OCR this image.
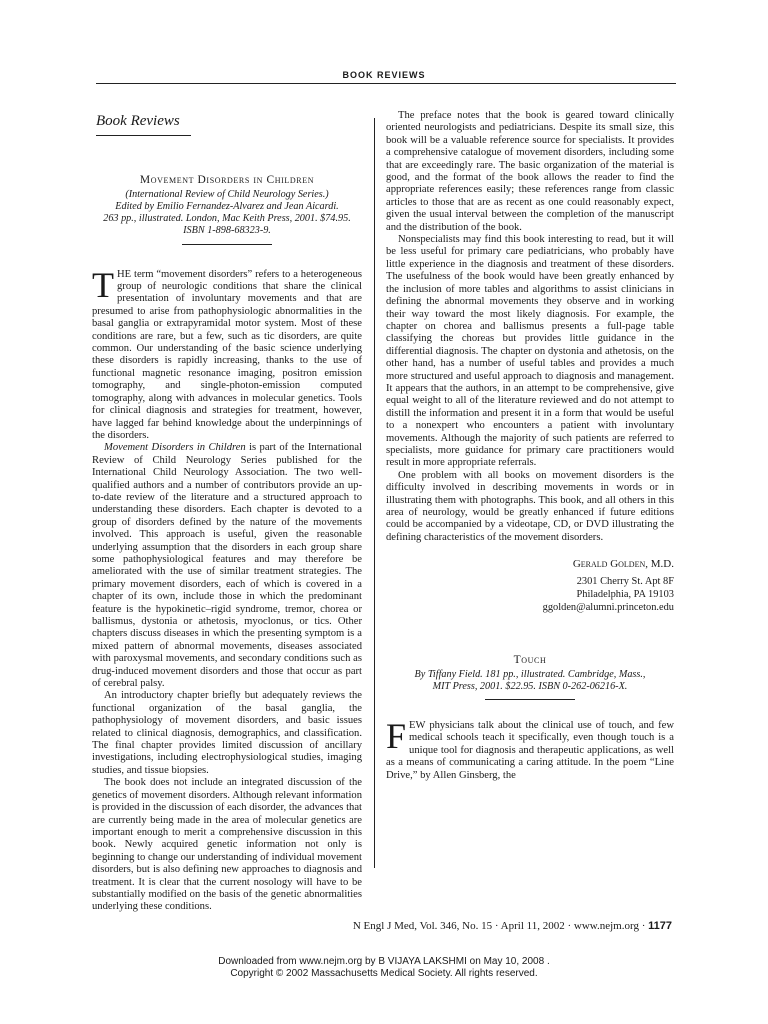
BOOK REVIEWS
Book Reviews
Movement Disorders in Children
(International Review of Child Neurology Series.)
Edited by Emilio Fernandez-Alvarez and Jean Aicardi.
263 pp., illustrated. London, Mac Keith Press, 2001. $74.95.
ISBN 1-898-68323-9.

THE term “movement disorders” refers to a heterogeneous group of neurologic conditions that share the clinical presentation of involuntary movements and that are presumed to arise from pathophysiologic abnormalities in the basal ganglia or extrapyramidal motor system. Most of these conditions are rare, but a few, such as tic disorders, are quite common. Our understanding of the basic science underlying these disorders is rapidly increasing, thanks to the use of functional magnetic resonance imaging, positron emission tomography, and single-photon-emission computed tomography, along with advances in molecular genetics. Tools for clinical diagnosis and strategies for treatment, however, have lagged far behind knowledge about the underpinnings of the disorders.

Movement Disorders in Children is part of the International Review of Child Neurology Series published for the International Child Neurology Association. The two well-qualified authors and a number of contributors provide an up-to-date review of the literature and a structured approach to understanding these disorders. Each chapter is devoted to a group of disorders defined by the nature of the movements involved. This approach is useful, given the reasonable underlying assumption that the disorders in each group share some pathophysiological features and may therefore be ameliorated with the use of similar treatment strategies. The primary movement disorders, each of which is covered in a chapter of its own, include those in which the predominant feature is the hypokinetic–rigid syndrome, tremor, chorea or ballismus, dystonia or athetosis, myoclonus, or tics. Other chapters discuss diseases in which the presenting symptom is a mixed pattern of abnormal movements, diseases associated with paroxysmal movements, and secondary conditions such as drug-induced movement disorders and those that occur as part of cerebral palsy.

An introductory chapter briefly but adequately reviews the functional organization of the basal ganglia, the pathophysiology of movement disorders, and basic issues related to clinical diagnosis, demographics, and classification. The final chapter provides limited discussion of ancillary investigations, including electrophysiological studies, imaging studies, and tissue biopsies.

The book does not include an integrated discussion of the genetics of movement disorders. Although relevant information is provided in the discussion of each disorder, the advances that are currently being made in the area of molecular genetics are important enough to merit a comprehensive discussion in this book. Newly acquired genetic information not only is beginning to change our understanding of individual movement disorders, but is also defining new approaches to diagnosis and treatment. It is clear that the current nosology will have to be substantially modified on the basis of the genetic abnormalities underlying these conditions.

The preface notes that the book is geared toward clinically oriented neurologists and pediatricians. Despite its small size, this book will be a valuable reference source for specialists. It provides a comprehensive catalogue of movement disorders, including some that are exceedingly rare. The basic organization of the material is good, and the format of the book allows the reader to find the appropriate references easily; these references range from classic articles to those that are as recent as one could reasonably expect, given the usual interval between the completion of the manuscript and the distribution of the book.

Nonspecialists may find this book interesting to read, but it will be less useful for primary care pediatricians, who probably have little experience in the diagnosis and treatment of these disorders. The usefulness of the book would have been greatly enhanced by the inclusion of more tables and algorithms to assist clinicians in defining the abnormal movements they observe and in working their way toward the most likely diagnosis. For example, the chapter on chorea and ballismus presents a full-page table classifying the choreas but provides little guidance in the differential diagnosis. The chapter on dystonia and athetosis, on the other hand, has a number of useful tables and provides a much more structured and useful approach to diagnosis and management. It appears that the authors, in an attempt to be comprehensive, give equal weight to all of the literature reviewed and do not attempt to distill the information and present it in a form that would be useful to a nonexpert who encounters a patient with involuntary movements. Although the majority of such patients are referred to specialists, more guidance for primary care practitioners would result in more appropriate referrals.

One problem with all books on movement disorders is the difficulty involved in describing movements in words or in illustrating them with photographs. This book, and all others in this area of neurology, would be greatly enhanced if future editions could be accompanied by a videotape, CD, or DVD illustrating the defining characteristics of the movement disorders.

Gerald Golden, M.D.
2301 Cherry St. Apt 8F
Philadelphia, PA 19103
ggolden@alumni.princeton.edu
Touch
By Tiffany Field. 181 pp., illustrated. Cambridge, Mass.,
MIT Press, 2001. $22.95. ISBN 0-262-06216-X.

FEW physicians talk about the clinical use of touch, and few medical schools teach it specifically, even though touch is a unique tool for diagnosis and therapeutic applications, as well as a means of communicating a caring attitude. In the poem “Line Drive,” by Allen Ginsberg, the

N Engl J Med, Vol. 346, No. 15 · April 11, 2002 · www.nejm.org · 1177
Downloaded from www.nejm.org by B VIJAYA LAKSHMI on May 10, 2008 .
Copyright © 2002 Massachusetts Medical Society. All rights reserved.
